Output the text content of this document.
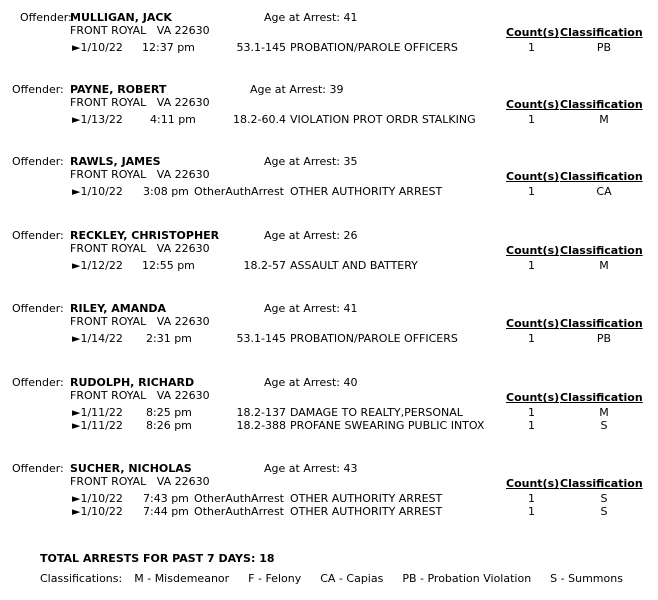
Offender:
MULLIGAN, JACK
FRONT ROYAL VA 22630
Age at Arrest: 41
Count(s) Classification
►1/10/22 12:37 pm	53.1-145 PROBATION/PAROLE OFFICERS	1	PB
Offender: PAYNE, ROBERT
FRONT ROYAL VA 22630
Age at Arrest: 39
Count(s) Classification
►1/13/22 4:11 pm	18.2-60.4 VIOLATION PROT ORDR STALKING	1	M
Offender: RAWLS, JAMES
FRONT ROYAL VA 22630
Age at Arrest: 35
Count(s) Classification
►1/10/22 3:08 pm OtherAuthArrest OTHER AUTHORITY ARREST	1	CA
Offender: RECKLEY, CHRISTOPHER
FRONT ROYAL VA 22630
Age at Arrest: 26
Count(s) Classification
►1/12/22 12:55 pm	18.2-57 ASSAULT AND BATTERY	1	M
Offender: RILEY, AMANDA
FRONT ROYAL VA 22630
Age at Arrest: 41
Count(s) Classification
►1/14/22 2:31 pm	53.1-145 PROBATION/PAROLE OFFICERS	1	PB
Offender: RUDOLPH, RICHARD
FRONT ROYAL VA 22630
Age at Arrest: 40
Count(s) Classification
►1/11/22 8:25 pm	18.2-137 DAMAGE TO REALTY,PERSONAL	1	M
►1/11/22 8:26 pm	18.2-388 PROFANE SWEARING PUBLIC INTOX	1	S
Offender: SUCHER, NICHOLAS
FRONT ROYAL VA 22630
Age at Arrest: 43
Count(s) Classification
►1/10/22 7:43 pm OtherAuthArrest OTHER AUTHORITY ARREST	1	S
►1/10/22 7:44 pm OtherAuthArrest OTHER AUTHORITY ARREST	1	S
TOTAL ARRESTS FOR PAST 7 DAYS: 18
Classifications: M - Misdemeanor F - Felony CA - Capias PB - Probation Violation S - Summons
